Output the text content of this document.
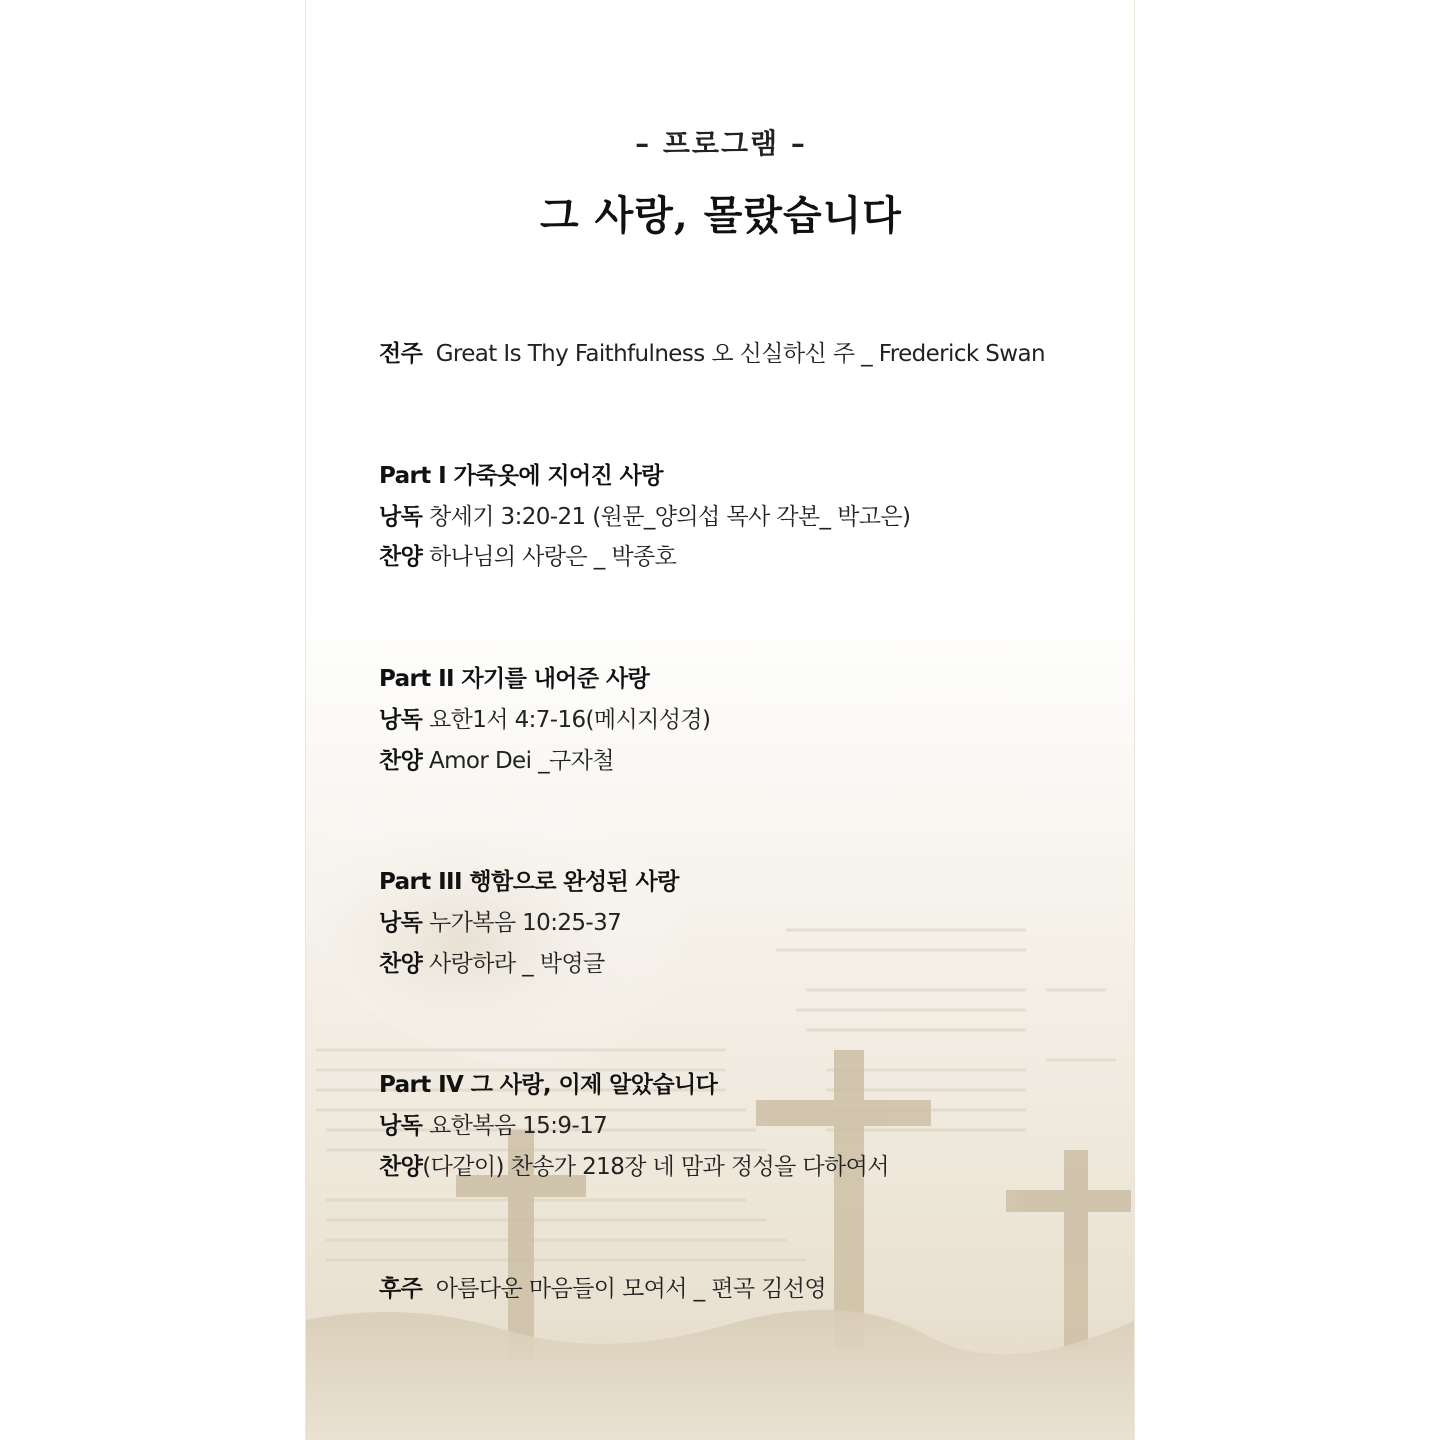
– 프로그램 –
그 사랑, 몰랐습니다
전주 Great Is Thy Faithfulness 오 신실하신 주 _ Frederick Swan
Part I 가죽옷에 지어진 사랑
낭독 창세기 3:20-21 (원문_양의섭 목사 각본_ 박고은)
찬양 하나님의 사랑은 _ 박종호
Part II 자기를 내어준 사랑
낭독 요한1서 4:7-16(메시지성경)
찬양 Amor Dei _구자철
Part III 행함으로 완성된 사랑
낭독 누가복음 10:25-37
찬양 사랑하라 _ 박영글
Part IV 그 사랑, 이제 알았습니다
낭독 요한복음 15:9-17
찬양(다같이) 찬송가 218장 네 맘과 정성을 다하여서
후주 아름다운 마음들이 모여서 _ 편곡 김선영
